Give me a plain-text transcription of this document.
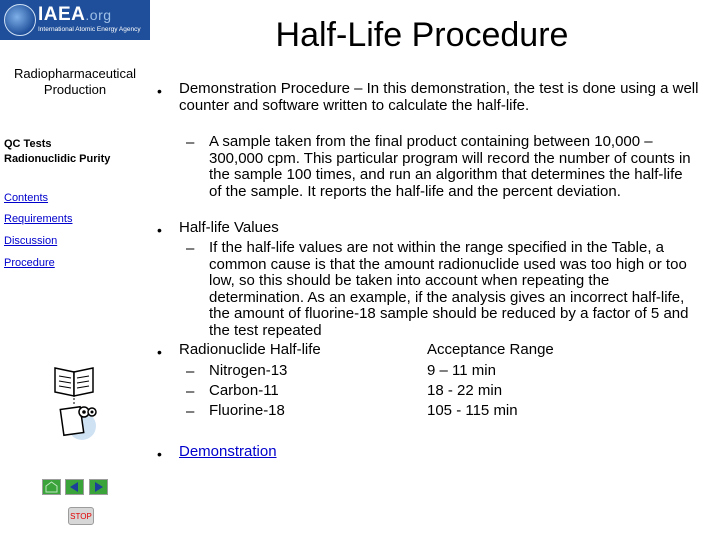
IAEA.org
International Atomic Energy Agency
Radiopharmaceutical Production
QC Tests
Radionuclidic Purity
Contents
Requirements
Discussion
Procedure
STOP
Half-Life Procedure
• Demonstration Procedure – In this demonstration, the test is done using a well counter and software written to calculate the half-life.
– A sample taken from the final product containing between 10,000 – 300,000 cpm. This particular program will record the number of counts in the sample 100 times, and run an algorithm that determines the half-life of the sample. It reports the half-life and the percent deviation.
• Half-life Values
– If the half-life values are not within the range specified in the Table, a common cause is that the amount radionuclide used was too high or too low, so this should be taken into account when repeating the determination. As an example, if the analysis gives an incorrect half-life, the amount of fluorine-18 sample should be reduced by a factor of 5 and the test repeated
• Radionuclide Half-life	Acceptance Range
– Nitrogen-13	9 – 11 min
– Carbon-11	18 - 22 min
– Fluorine-18	105 - 115 min
• Demonstration
